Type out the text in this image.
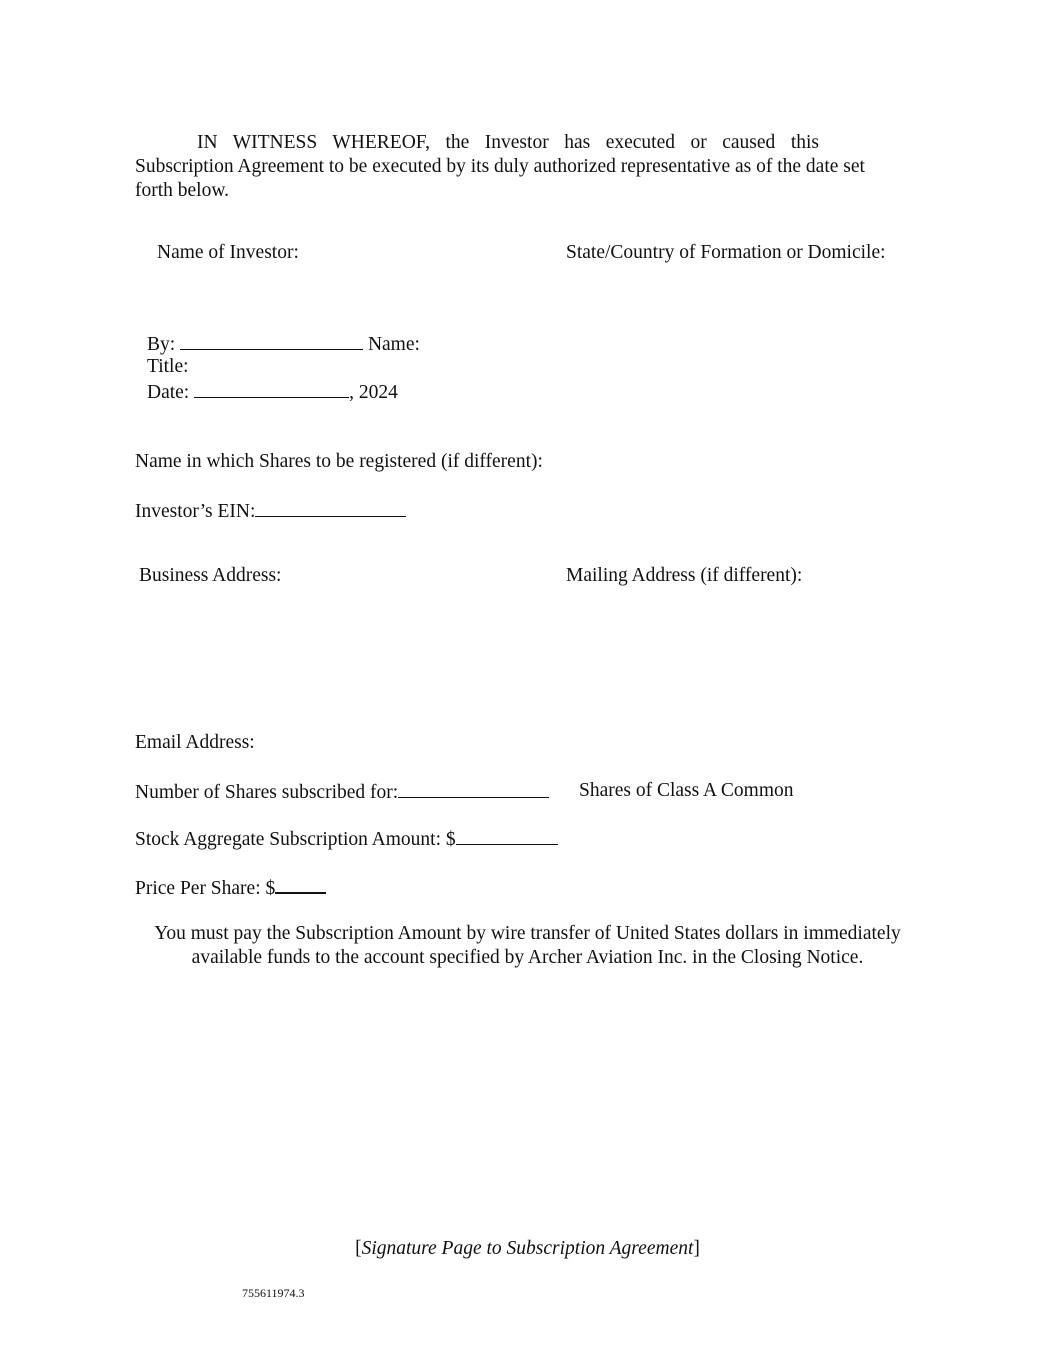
IN WITNESS WHEREOF, the Investor has executed or caused this
Subscription Agreement to be executed by its duly authorized representative as of the date set
forth below.
Name of Investor:	State/Country of Formation or Domicile:
By:	Name:
Title:
Date:	, 2024
Name in which Shares to be registered (if different):
Investor’s EIN:
Business Address:	Mailing Address (if different):
Email Address:
Number of Shares subscribed for:	Shares of Class A Common
Stock Aggregate Subscription Amount: $
Price Per Share: $
You must pay the Subscription Amount by wire transfer of United States dollars in immediately available funds to the account specified by Archer Aviation Inc. in the Closing Notice.
[Signature Page to Subscription Agreement]
755611974.3
